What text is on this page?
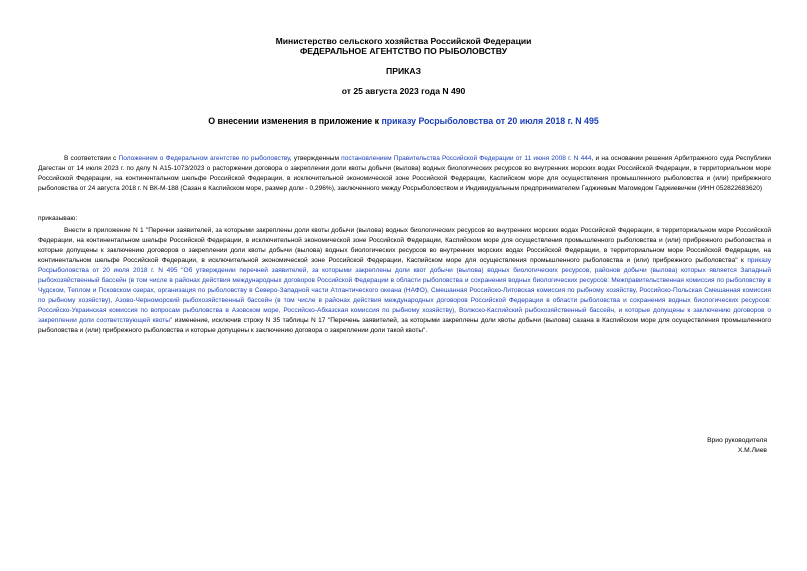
Министерство сельского хозяйства Российской Федерации
ФЕДЕРАЛЬНОЕ АГЕНТСТВО ПО РЫБОЛОВСТВУ
ПРИКАЗ
от 25 августа 2023 года N 490
О внесении изменения в приложение к приказу Росрыболовства от 20 июля 2018 г. N 495

В соответствии с Положением о Федеральном агентстве по рыболовству, утвержденным постановлением Правительства Российской Федерации от 11 июня 2008 г. N 444, и на основании решения Арбитражного суда Республики Дагестан от 14 июля 2023 г. по делу N А15-1073/2023 о расторжении договора о закреплении доли квоты добычи (вылова) водных биологических ресурсов во внутренних морских водах Российской Федерации, в территориальном море Российской Федерации, на континентальном шельфе Российской Федерации, в исключительной экономической зоне Российской Федерации, Каспийском море для осуществления промышленного рыболовства и (или) прибрежного рыболовства от 24 августа 2018 г. N ВК-М-188 (Сазан в Каспийском море, размер доли - 0,296%), заключенного между Росрыболовством и Индивидуальным предпринимателем Гаджиевым Магомедом Гаджиевичем (ИНН 052822683620)

приказываю:

Внести в приложение N 1 "Перечни заявителей, за которыми закреплены доли квоты добычи (вылова) водных биологических ресурсов во внутренних морских водах Российской Федерации, в территориальном море Российской Федерации, на континентальном шельфе Российской Федерации, в исключительной экономической зоне Российской Федерации, Каспийском море для осуществления промышленного рыболовства и (или) прибрежного рыболовства и которые допущены к заключению договоров о закреплении доли квоты добычи (вылова) водных биологических ресурсов во внутренних морских водах Российской Федерации, в территориальном море Российской Федерации, на континентальном шельфе Российской Федерации, в исключительной экономической зоне Российской Федерации, Каспийском море для осуществления промышленного рыболовства и (или) прибрежного рыболовства" к приказу Росрыболовства от 20 июля 2018 г. N 495 "Об утверждении перечней заявителей, за которыми закреплены доли квот добычи (вылова) водных биологических ресурсов, районов добычи (вылова) которых является Западный рыбохозяйственный бассейн (в том числе в районах действия международных договоров Российской Федерации в области рыболовства и сохранения водных биологических ресурсов: Межправительственная комиссия по рыболовству в Чудском, Теплом и Псковском озерах, организация по рыболовству в Северо-Западной части Атлантического океана (НАФО), Смешанная Российско-Литовская комиссия по рыбному хозяйству, Российско-Польская Смешанная комиссия по рыбному хозяйству), Азово-Черноморский рыбохозяйственный бассейн (в том числе в районах действия международных договоров Российской Федерации в области рыболовства и сохранения водных биологических ресурсов: Российско-Украинская комиссия по вопросам рыболовства в Азовском море, Российско-Абхазская комиссия по рыбному хозяйству), Волжско-Каспийский рыбохозяйственный бассейн, и которые допущены к заключению договоров о закреплении доли соответствующей квоты" изменение, исключив строку N 35 таблицы N 17 "Перечень заявителей, за которыми закреплены доли квоты добычи (вылова) сазана в Каспийском море для осуществления промышленного рыболовства и (или) прибрежного рыболовства и которые допущены к заключению договора о закреплении доли такой квоты".

Врио руководителя
Х.М.Лиев
